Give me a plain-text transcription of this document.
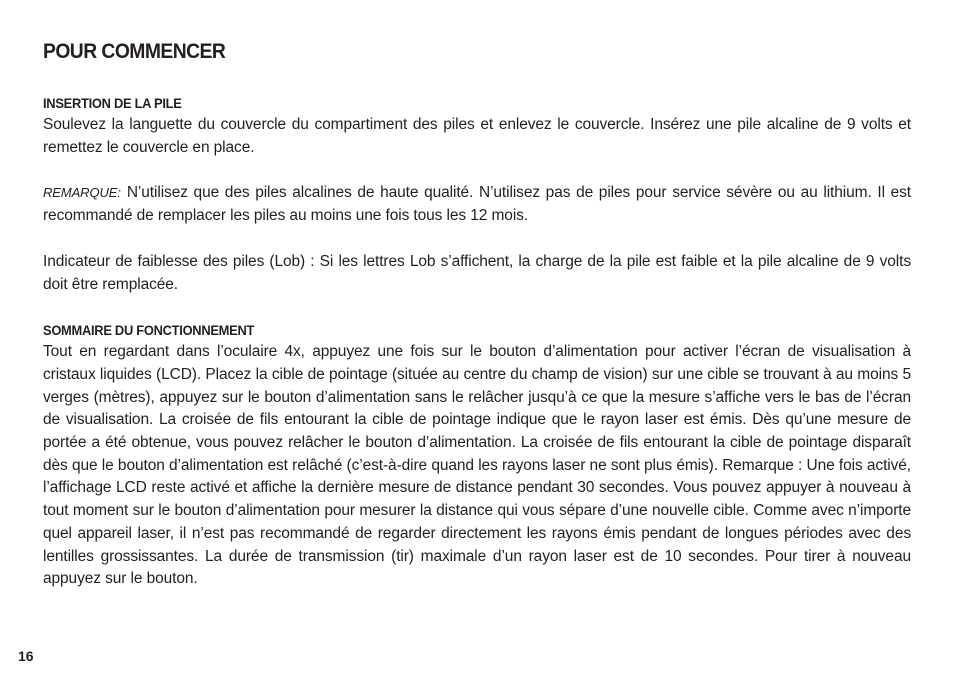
POUR COMMENCER
INSERTION DE LA PILE

Soulevez la languette du couvercle du compartiment des piles et enlevez le couvercle. Insérez une pile alcaline de 9 volts et remettez le couvercle en place.

REMARQUE: N’utilisez que des piles alcalines de haute qualité. N’utilisez pas de piles pour service sévère ou au lithium. Il est recommandé de remplacer les piles au moins une fois tous les 12 mois.

Indicateur de faiblesse des piles (Lob) : Si les lettres Lob s’affichent, la charge de la pile est faible et la pile alcaline de 9 volts doit être remplacée.

SOMMAIRE DU FONCTIONNEMENT

Tout en regardant dans l’oculaire 4x, appuyez une fois sur le bouton d’alimentation pour activer l’écran de visualisation à cristaux liquides (LCD). Placez la cible de pointage (située au centre du champ de vision) sur une cible se trouvant à au moins 5 verges (mètres), appuyez sur le bouton d’alimentation sans le relâcher jusqu’à ce que la mesure s’affiche vers le bas de l’écran de visualisation. La croisée de fils entourant la cible de pointage indique que le rayon laser est émis. Dès qu’une mesure de portée a été obtenue, vous pouvez relâcher le bouton d’alimentation. La croisée de fils entourant la cible de pointage disparaît dès que le bouton d’alimentation est relâché (c’est-à-dire quand les rayons laser ne sont plus émis). Remarque : Une fois activé, l’affichage LCD reste activé et affiche la dernière mesure de distance pendant 30 secondes. Vous pouvez appuyer à nouveau à tout moment sur le bouton d’alimentation pour mesurer la distance qui vous sépare d’une nouvelle cible. Comme avec n’importe quel appareil laser, il n’est pas recommandé de regarder directement les rayons émis pendant de longues périodes avec des lentilles grossissantes. La durée de transmission (tir) maximale d’un rayon laser est de 10 secondes. Pour tirer à nouveau appuyez sur le bouton.

16
